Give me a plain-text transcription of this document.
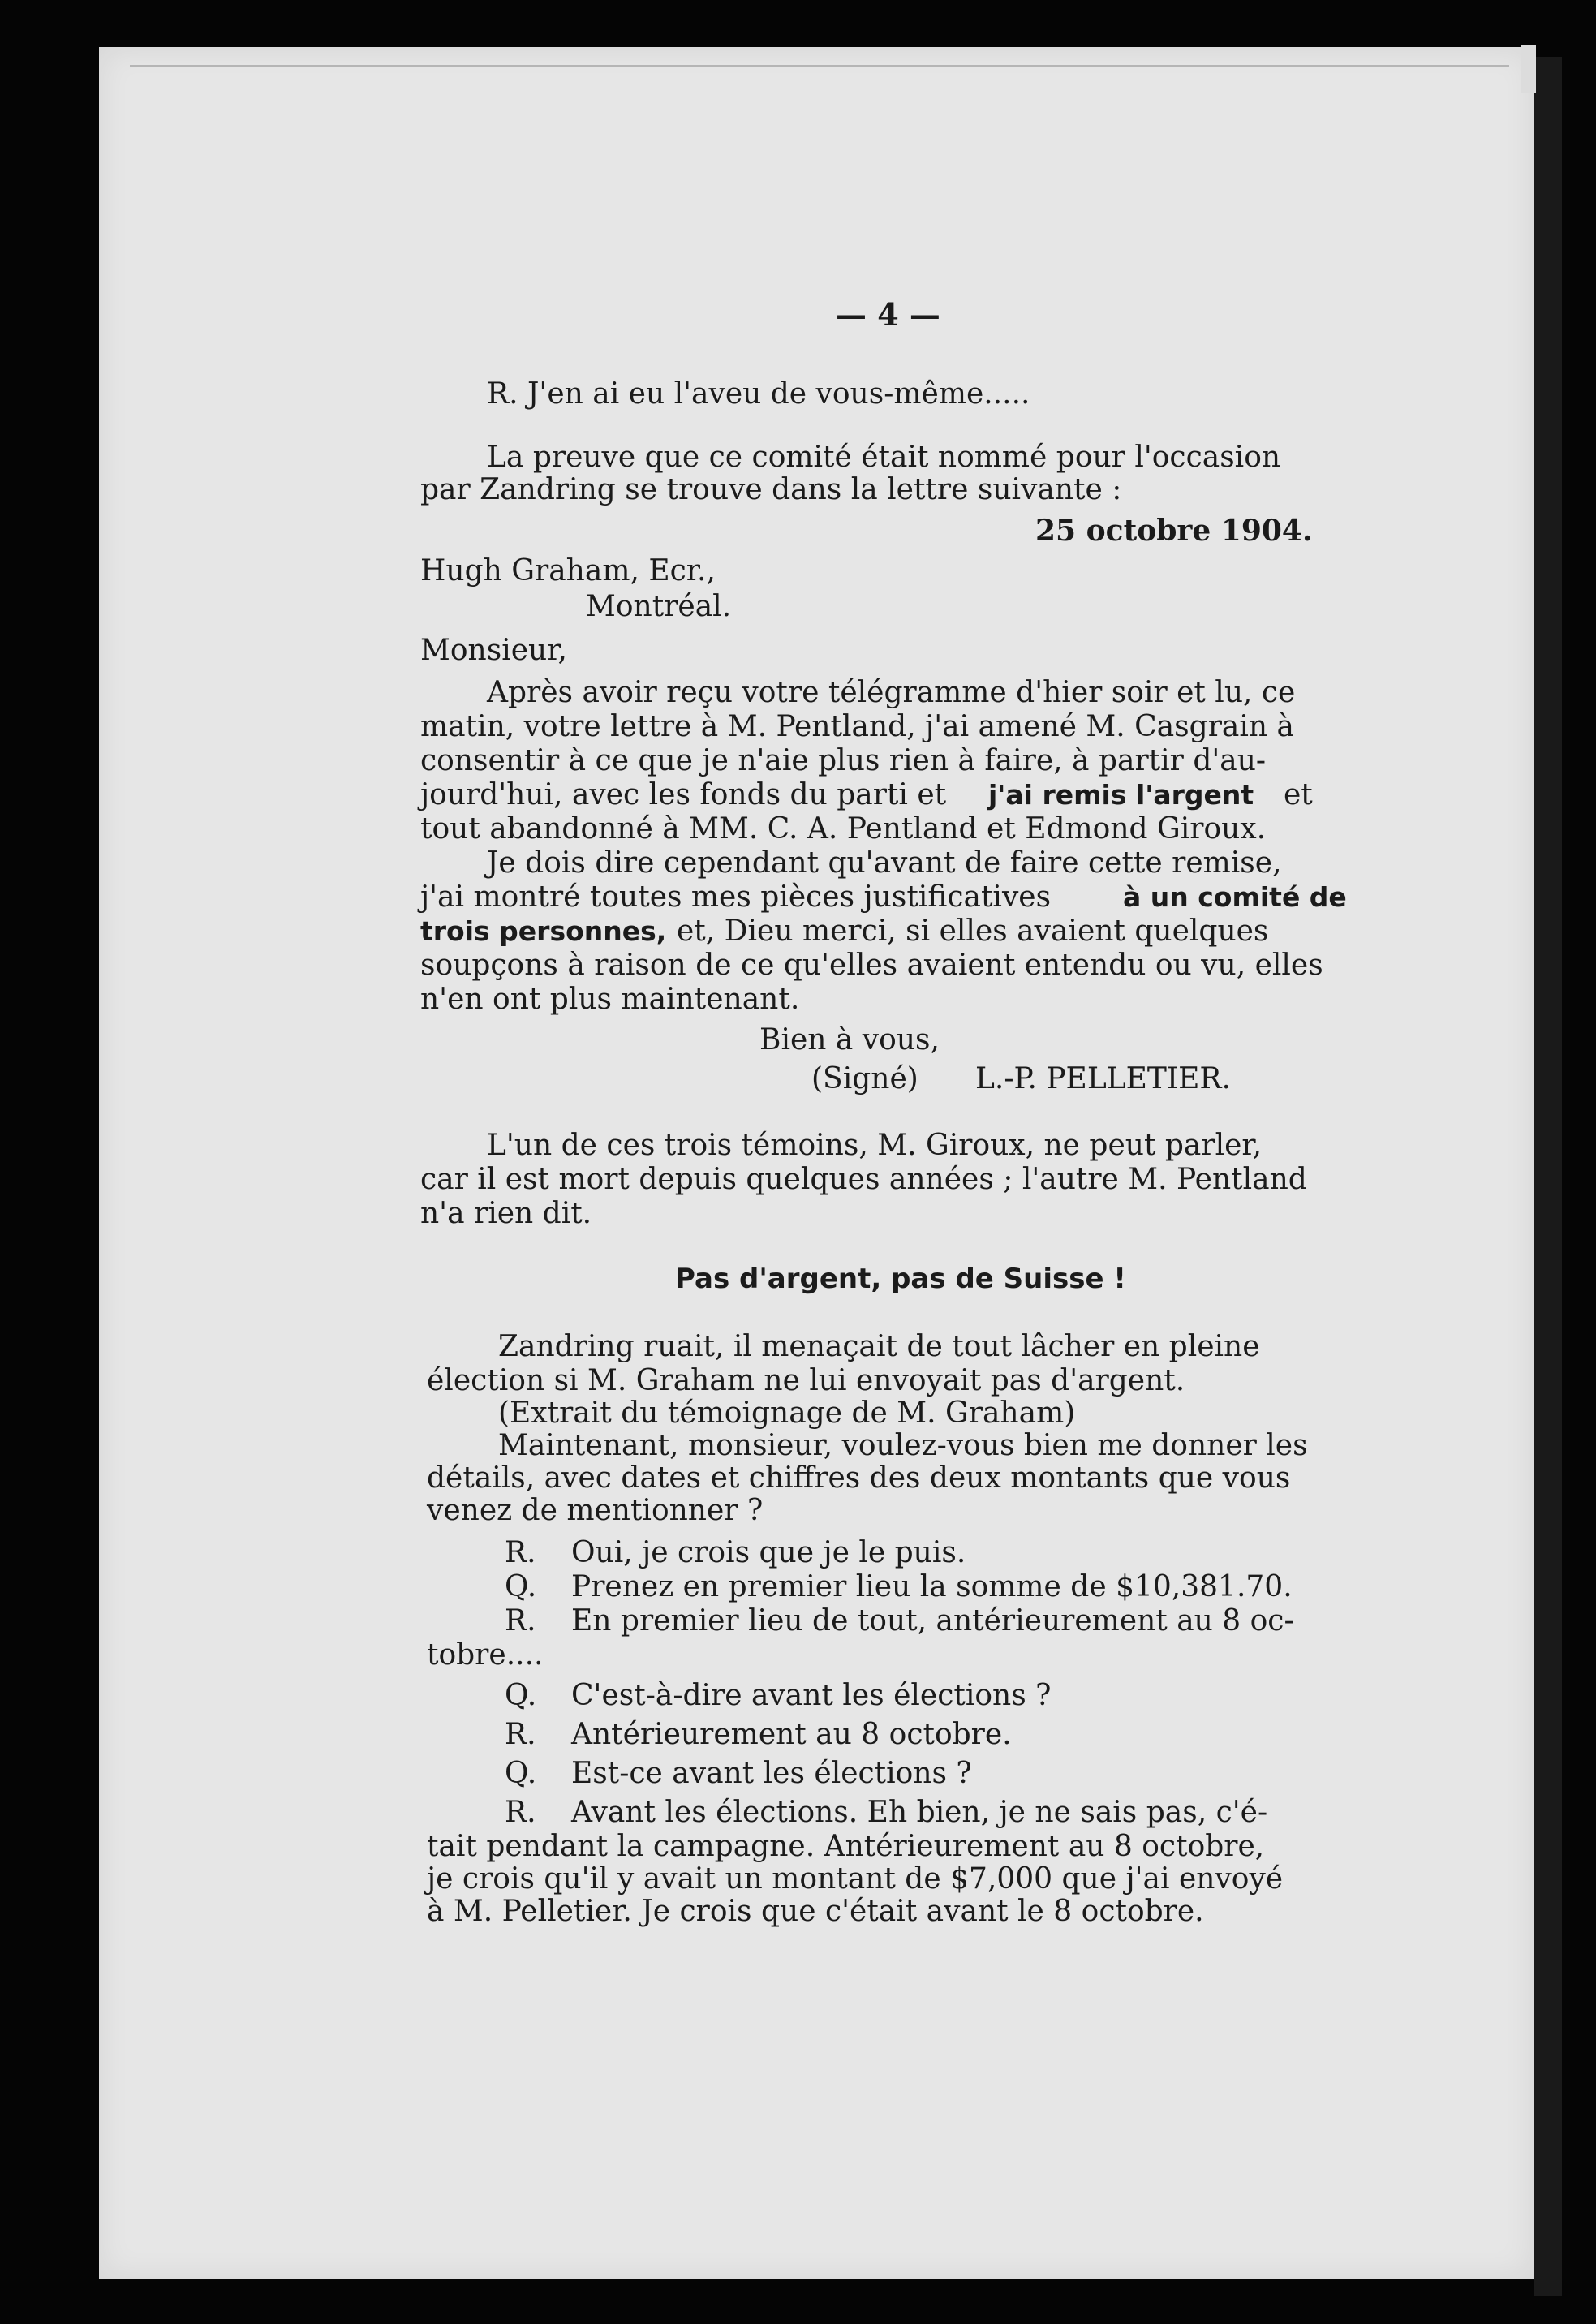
— 4 —

R. J'en ai eu l'aveu de vous-même.....

La preuve que ce comité était nommé pour l'occasion

par Zandring se trouve dans la lettre suivante :

25 octobre 1904.

Hugh Graham, Ecr.,

Montréal.

Monsieur,

Après avoir reçu votre télégramme d'hier soir et lu, ce

matin, votre lettre à M. Pentland, j'ai amené M. Casgrain à

consentir à ce que je n'aie plus rien à faire, à partir d'au-

jourd'hui, avec les fonds du parti et j'ai remis l'argent

tout abandonné à MM. C. A. Pentland et Edmond Giroux.

Je dois dire cependant qu'avant de faire cette remise,

j'ai montré toutes mes pièces justificatives	à un comité de

trois personnes, et, Dieu merci, si elles avaient quelques

soupçons à raison de ce qu'elles avaient entendu ou vu, elles

n'en ont plus maintenant.

Bien à vous,

(Signé) L.-P. PELLETIER.

L'un de ces trois témoins, M. Giroux, ne peut parler,

car il est mort depuis quelques années ; l'autre M. Pentland

n'a rien dit.

Pas d'argent, pas de Suisse !

Zandring ruait, il menaçait de tout lâcher en pleine

élection si M. Graham ne lui envoyait pas d'argent.

(Extrait du témoignage de M. Graham)

Maintenant, monsieur, voulez-vous bien me donner les

détails, avec dates et chiffres des deux montants que vous

venez de mentionner ?

R. Oui, je crois que je le puis.

Q. Prenez en premier lieu la somme de $10,381.70.

R. En premier lieu de tout, antérieurement au 8 oc-

tobre....

Q. C'est-à-dire avant les élections ?

R. Antérieurement au 8 octobre.

Q. Est-ce avant les élections ?

R. Avant les élections. Eh bien, je ne sais pas, c'é-

tait pendant la campagne. Antérieurement au 8 octobre,

je crois qu'il y avait un montant de $7,000 que j'ai envoyé

à M. Pelletier. Je crois que c'était avant le 8 octobre.

et
